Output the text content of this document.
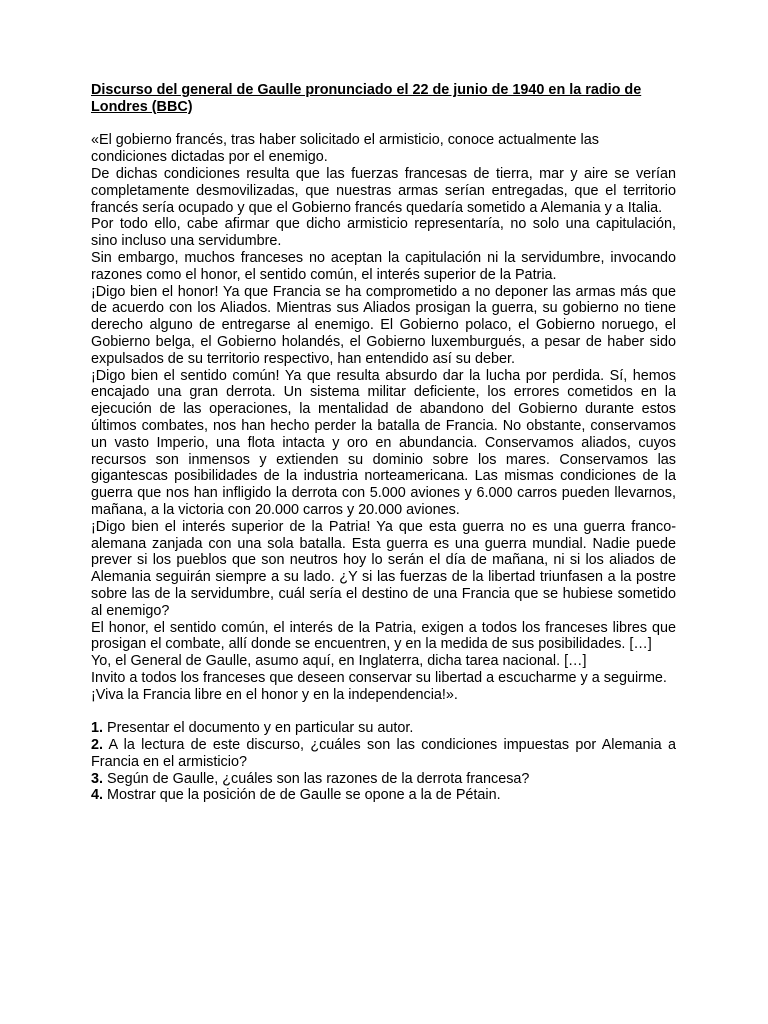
Discurso del general de Gaulle pronunciado el 22 de junio de 1940 en la radio de Londres (BBC)

«El gobierno francés, tras haber solicitado el armisticio, conoce actualmente las condiciones dictadas por el enemigo.

De dichas condiciones resulta que las fuerzas francesas de tierra, mar y aire se verían completamente desmovilizadas, que nuestras armas serían entregadas, que el territorio francés sería ocupado y que el Gobierno francés quedaría sometido a Alemania y a Italia.

Por todo ello, cabe afirmar que dicho armisticio representaría, no solo una capitulación, sino incluso una servidumbre.

Sin embargo, muchos franceses no aceptan la capitulación ni la servidumbre, invocando razones como el honor, el sentido común, el interés superior de la Patria.

¡Digo bien el honor! Ya que Francia se ha comprometido a no deponer las armas más que de acuerdo con los Aliados. Mientras sus Aliados prosigan la guerra, su gobierno no tiene derecho alguno de entregarse al enemigo. El Gobierno polaco, el Gobierno noruego, el Gobierno belga, el Gobierno holandés, el Gobierno luxemburgués, a pesar de haber sido expulsados de su territorio respectivo, han entendido así su deber.

¡Digo bien el sentido común! Ya que resulta absurdo dar la lucha por perdida. Sí, hemos encajado una gran derrota. Un sistema militar deficiente, los errores cometidos en la ejecución de las operaciones, la mentalidad de abandono del Gobierno durante estos últimos combates, nos han hecho perder la batalla de Francia. No obstante, conservamos un vasto Imperio, una flota intacta y oro en abundancia. Conservamos aliados, cuyos recursos son inmensos y extienden su dominio sobre los mares. Conservamos las gigantescas posibilidades de la industria norteamericana. Las mismas condiciones de la guerra que nos han infligido la derrota con 5.000 aviones y 6.000 carros pueden llevarnos, mañana, a la victoria con 20.000 carros y 20.000 aviones.

¡Digo bien el interés superior de la Patria! Ya que esta guerra no es una guerra franco-alemana zanjada con una sola batalla. Esta guerra es una guerra mundial. Nadie puede prever si los pueblos que son neutros hoy lo serán el día de mañana, ni si los aliados de Alemania seguirán siempre a su lado. ¿Y si las fuerzas de la libertad triunfasen a la postre sobre las de la servidumbre, cuál sería el destino de una Francia que se hubiese sometido al enemigo?

El honor, el sentido común, el interés de la Patria, exigen a todos los franceses libres que prosigan el combate, allí donde se encuentren, y en la medida de sus posibilidades. […]

Yo, el General de Gaulle, asumo aquí, en Inglaterra, dicha tarea nacional. […]

Invito a todos los franceses que deseen conservar su libertad a escucharme y a seguirme.

¡Viva la Francia libre en el honor y en la independencia!».

1. Presentar el documento y en particular su autor.

2. A la lectura de este discurso, ¿cuáles son las condiciones impuestas por Alemania a Francia en el armisticio?

3. Según de Gaulle, ¿cuáles son las razones de la derrota francesa?

4. Mostrar que la posición de de Gaulle se opone a la de Pétain.
